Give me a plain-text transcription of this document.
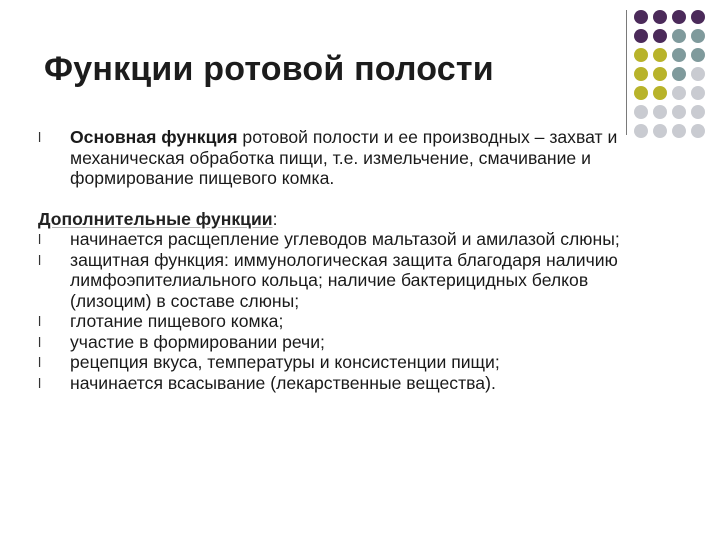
Функции ротовой полости
l Основная функция ротовой полости и ее производных – захват и механическая обработка пищи, т.е. измельчение, смачивание и формирование пищевого комка.
Дополнительные функции:
l начинается расщепление углеводов мальтазой и амилазой слюны;
l защитная функция: иммунологическая защита благодаря наличию лимфоэпителиального кольца; наличие бактерицидных белков (лизоцим) в составе слюны;
l глотание пищевого комка;
l участие в формировании речи;
l рецепция вкуса, температуры и консистенции пищи;
l начинается всасывание (лекарственные вещества).
